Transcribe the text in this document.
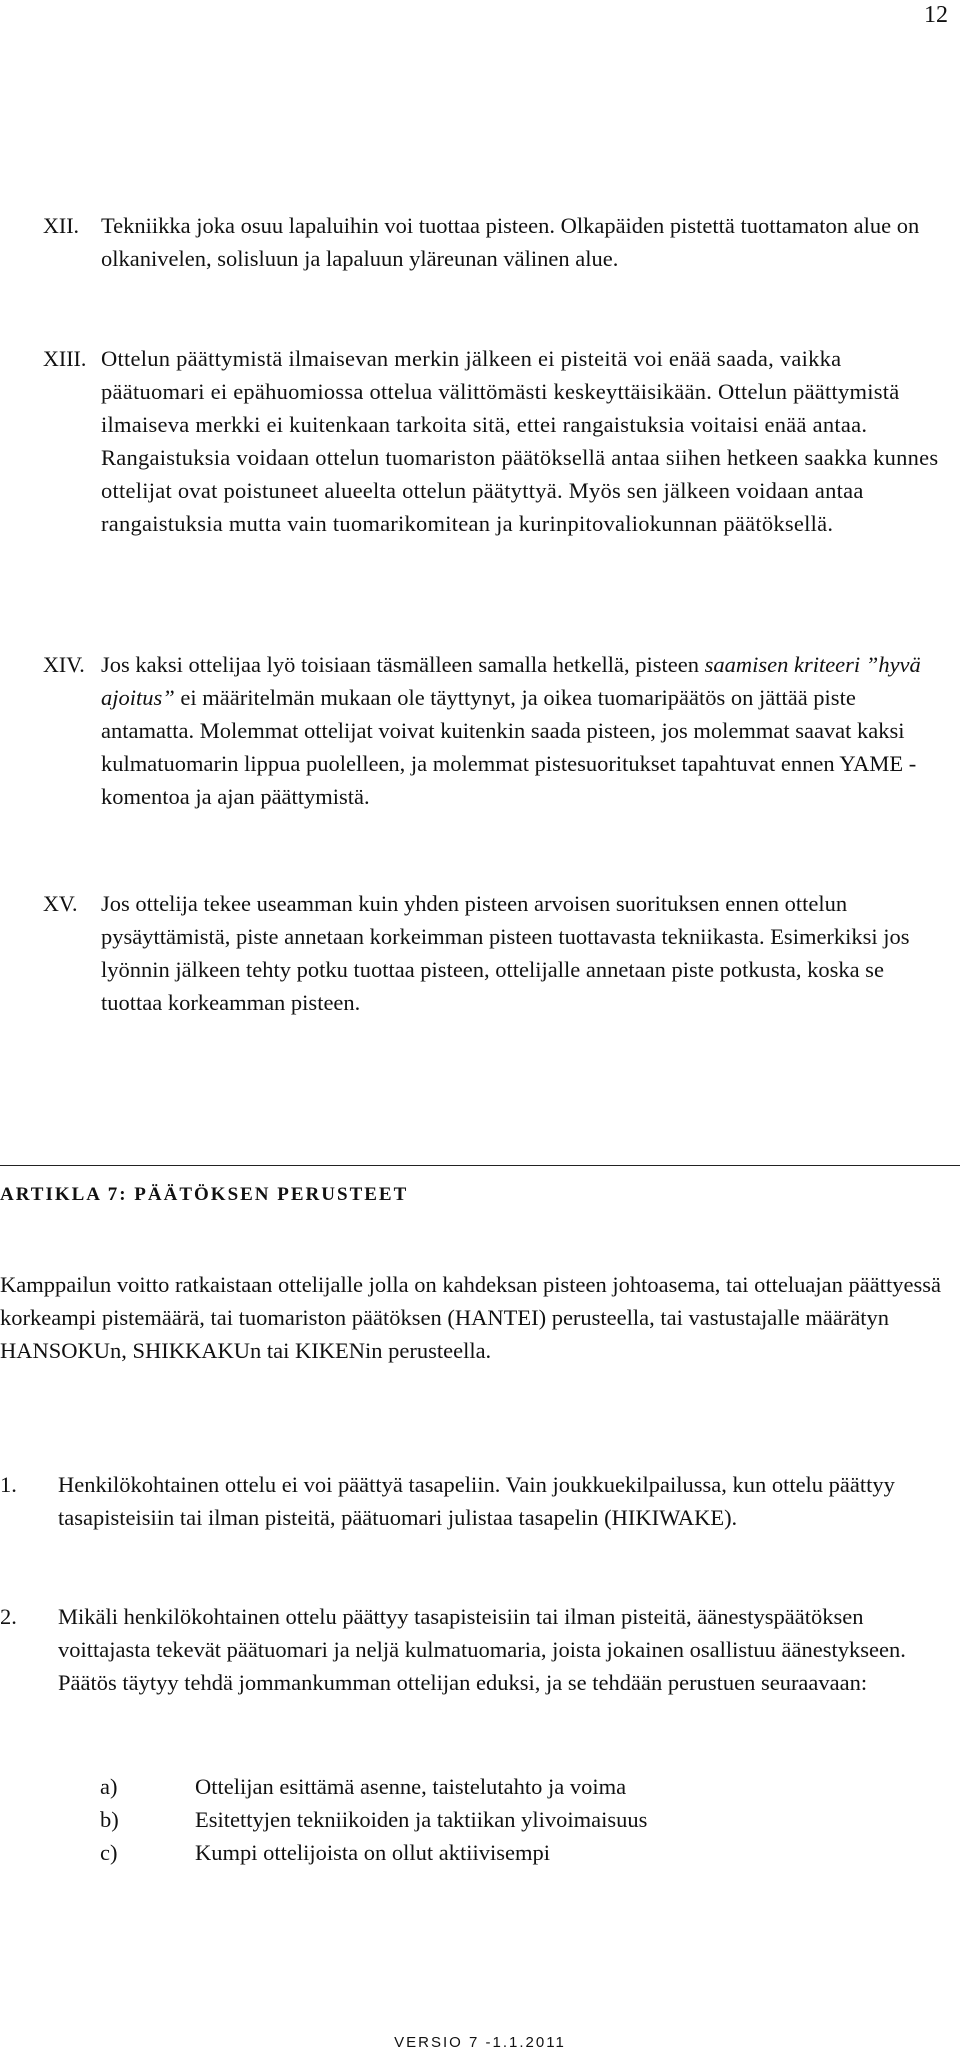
12
XII. Tekniikka joka osuu lapaluihin voi tuottaa pisteen. Olkapäiden pistettä tuottamaton alue on olkanivelen, solisluun ja lapaluun yläreunan välinen alue.
XIII. Ottelun päättymistä ilmaisevan merkin jälkeen ei pisteitä voi enää saada, vaikka päätuomari ei epähuomiossa ottelua välittömästi keskeyttäisikään. Ottelun päättymistä ilmaiseva merkki ei kuitenkaan tarkoita sitä, ettei rangaistuksia voitaisi enää antaa. Rangaistuksia voidaan ottelun tuomariston päätöksellä antaa siihen hetkeen saakka kunnes ottelijat ovat poistuneet alueelta ottelun päätyttyä. Myös sen jälkeen voidaan antaa rangaistuksia mutta vain tuomarikomitean ja kurinpitovaliokunnan päätöksellä.
XIV. Jos kaksi ottelijaa lyö toisiaan täsmälleen samalla hetkellä, pisteen saamisen kriteeri ”hyvä ajoitus” ei määritelmän mukaan ole täyttynyt, ja oikea tuomaripäätös on jättää piste antamatta. Molemmat ottelijat voivat kuitenkin saada pisteen, jos molemmat saavat kaksi kulmatuomarin lippua puolelleen, ja molemmat pistesuoritukset tapahtuvat ennen YAME -komentoa ja ajan päättymistä.
XV. Jos ottelija tekee useamman kuin yhden pisteen arvoisen suorituksen ennen ottelun pysäyttämistä, piste annetaan korkeimman pisteen tuottavasta tekniikasta. Esimerkiksi jos lyönnin jälkeen tehty potku tuottaa pisteen, ottelijalle annetaan piste potkusta, koska se tuottaa korkeamman pisteen.
ARTIKLA 7: PÄÄTÖKSEN PERUSTEET
Kamppailun voitto ratkaistaan ottelijalle jolla on kahdeksan pisteen johtoasema, tai otteluajan päättyessä korkeampi pistemäärä, tai tuomariston päätöksen (HANTEI) perusteella, tai vastustajalle määrätyn HANSOKUn, SHIKKAKUn tai KIKENin perusteella.
1. Henkilökohtainen ottelu ei voi päättyä tasapeliin. Vain joukkuekilpailussa, kun ottelu päättyy tasapisteisiin tai ilman pisteitä, päätuomari julistaa tasapelin (HIKIWAKE).
2. Mikäli henkilökohtainen ottelu päättyy tasapisteisiin tai ilman pisteitä, äänestyspäätöksen voittajasta tekevät päätuomari ja neljä kulmatuomaria, joista jokainen osallistuu äänestykseen. Päätös täytyy tehdä jommankumman ottelijan eduksi, ja se tehdään perustuen seuraavaan:
a)	Ottelijan esittämä asenne, taistelutahto ja voima
b)	Esitettyjen tekniikoiden ja taktiikan ylivoimaisuus
c)	Kumpi ottelijoista on ollut aktiivisempi
VERSIO 7 -1.1.2011
